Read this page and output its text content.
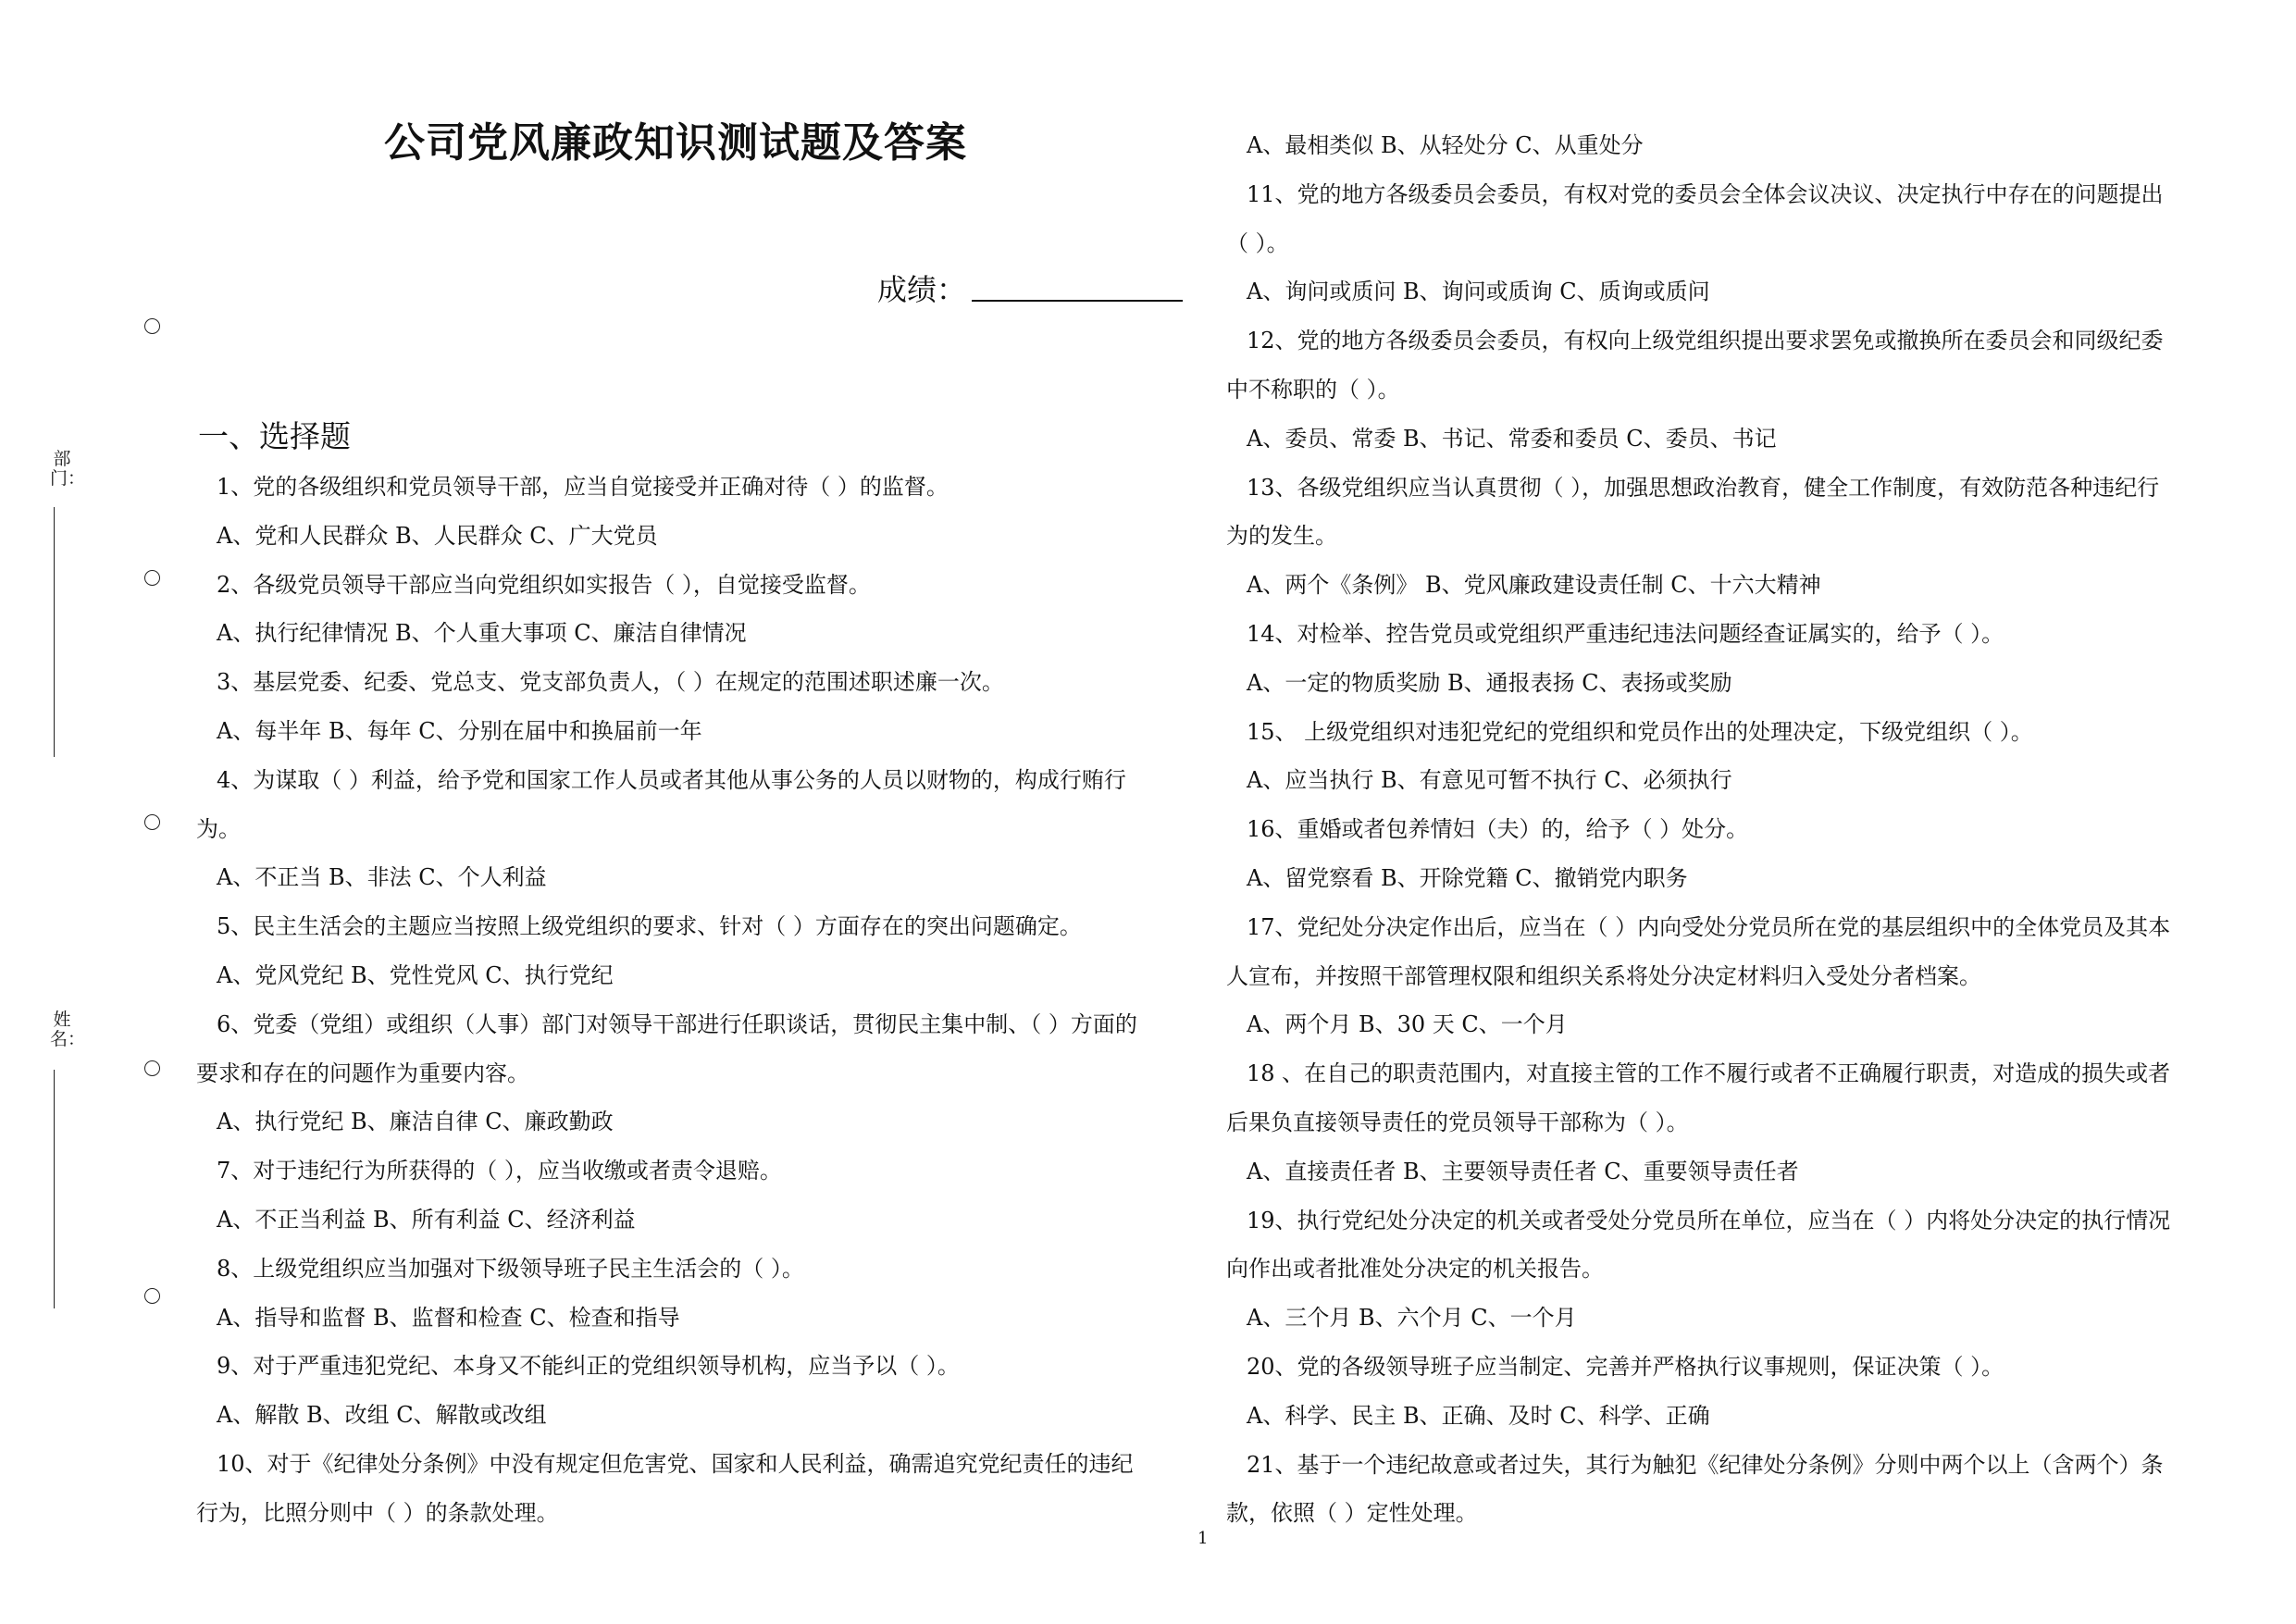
公司党风廉政知识测试题及答案
成绩：
一、选择题
部门：
姓名：
1、党的各级组织和党员领导干部，应当自觉接受并正确对待（ ）的监督。
A、党和人民群众 B、人民群众 C、广大党员
2、各级党员领导干部应当向党组织如实报告（ ），自觉接受监督。
A、执行纪律情况 B、个人重大事项 C、廉洁自律情况
3、基层党委、纪委、党总支、党支部负责人，（ ）在规定的范围述职述廉一次。
A、每半年 B、每年 C、分别在届中和换届前一年
4、为谋取（ ）利益，给予党和国家工作人员或者其他从事公务的人员以财物的，构成行贿行
为。
A、不正当 B、非法 C、个人利益
5、民主生活会的主题应当按照上级党组织的要求、针对（ ）方面存在的突出问题确定。
A、党风党纪 B、党性党风 C、执行党纪
6、党委（党组）或组织（人事）部门对领导干部进行任职谈话，贯彻民主集中制、（ ）方面的
要求和存在的问题作为重要内容。
A、执行党纪 B、廉洁自律 C、廉政勤政
7、对于违纪行为所获得的（ ），应当收缴或者责令退赔。
A、不正当利益 B、所有利益 C、经济利益
8、上级党组织应当加强对下级领导班子民主生活会的（ ）。
A、指导和监督 B、监督和检查 C、检查和指导
9、对于严重违犯党纪、本身又不能纠正的党组织领导机构，应当予以（ ）。
A、解散 B、改组 C、解散或改组
10、对于《纪律处分条例》中没有规定但危害党、国家和人民利益，确需追究党纪责任的违纪
行为，比照分则中（ ）的条款处理。
A、最相类似 B、从轻处分 C、从重处分
11、党的地方各级委员会委员，有权对党的委员会全体会议决议、决定执行中存在的问题提出
（ ）。
A、询问或质问 B、询问或质询 C、质询或质问
12、党的地方各级委员会委员，有权向上级党组织提出要求罢免或撤换所在委员会和同级纪委
中不称职的（ ）。
A、委员、常委 B、书记、常委和委员 C、委员、书记
13、各级党组织应当认真贯彻（ ），加强思想政治教育，健全工作制度，有效防范各种违纪行
为的发生。
A、两个《条例》 B、党风廉政建设责任制 C、十六大精神
14、对检举、控告党员或党组织严重违纪违法问题经查证属实的，给予（ ）。
A、一定的物质奖励 B、通报表扬 C、表扬或奖励
15、 上级党组织对违犯党纪的党组织和党员作出的处理决定，下级党组织（ ）。
A、应当执行 B、有意见可暂不执行 C、必须执行
16、重婚或者包养情妇（夫）的，给予（ ）处分。
A、留党察看 B、开除党籍 C、撤销党内职务
17、党纪处分决定作出后，应当在（ ）内向受处分党员所在党的基层组织中的全体党员及其本
人宣布，并按照干部管理权限和组织关系将处分决定材料归入受处分者档案。
A、两个月 B、30 天 C、一个月
18 、在自己的职责范围内，对直接主管的工作不履行或者不正确履行职责，对造成的损失或者
后果负直接领导责任的党员领导干部称为（ ）。
A、直接责任者 B、主要领导责任者 C、重要领导责任者
19、执行党纪处分决定的机关或者受处分党员所在单位，应当在（ ）内将处分决定的执行情况
向作出或者批准处分决定的机关报告。
A、三个月 B、六个月 C、一个月
20、党的各级领导班子应当制定、完善并严格执行议事规则，保证决策（ ）。
A、科学、民主 B、正确、及时 C、科学、正确
21、基于一个违纪故意或者过失，其行为触犯《纪律处分条例》分则中两个以上（含两个）条
款，依照（ ）定性处理。
1
